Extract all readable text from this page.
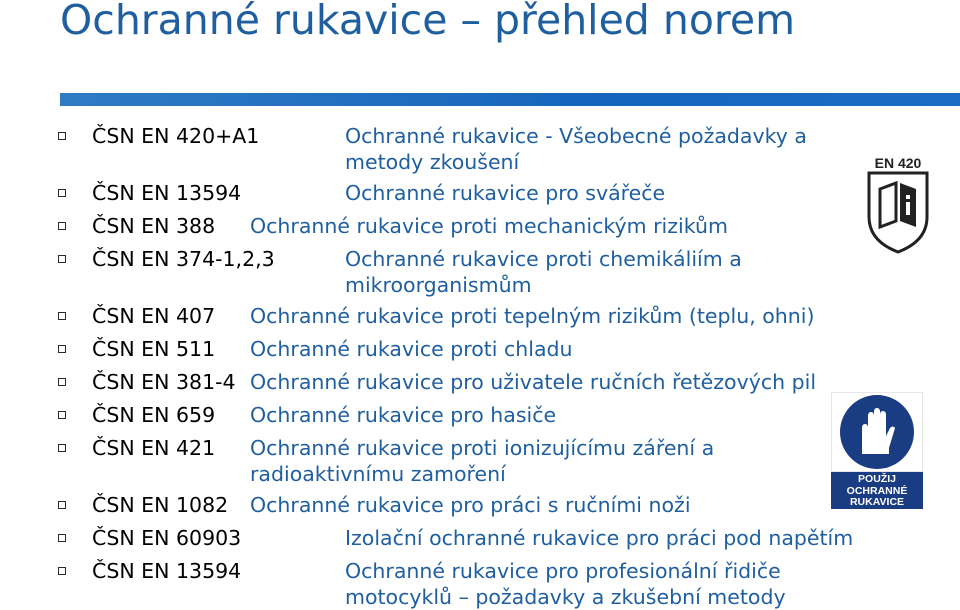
Ochranné rukavice – přehled norem
ČSN EN 420+A1	Ochranné rukavice - Všeobecné požadavky a
metody zkoušení
ČSN EN 13594	Ochranné rukavice pro svářeče
ČSN EN 388 Ochranné rukavice proti mechanickým rizikům
ČSN EN 374-1,2,3	Ochranné rukavice proti chemikáliím a
mikroorganismům
ČSN EN 407 Ochranné rukavice proti tepelným rizikům (teplu, ohni)
ČSN EN 511 Ochranné rukavice proti chladu
ČSN EN 381-4 Ochranné rukavice pro uživatele ručních řetězových pil
ČSN EN 659 Ochranné rukavice pro hasiče
ČSN EN 421 Ochranné rukavice proti ionizujícímu záření a
radioaktivnímu zamoření
ČSN EN 1082 Ochranné rukavice pro práci s ručními noži
ČSN EN 60903	Izolační ochranné rukavice pro práci pod napětím
ČSN EN 13594	Ochranné rukavice pro profesionální řidiče
motocyklů – požadavky a zkušební metody
EN 420
POUŽIJ
OCHRANNÉ
RUKAVICE
